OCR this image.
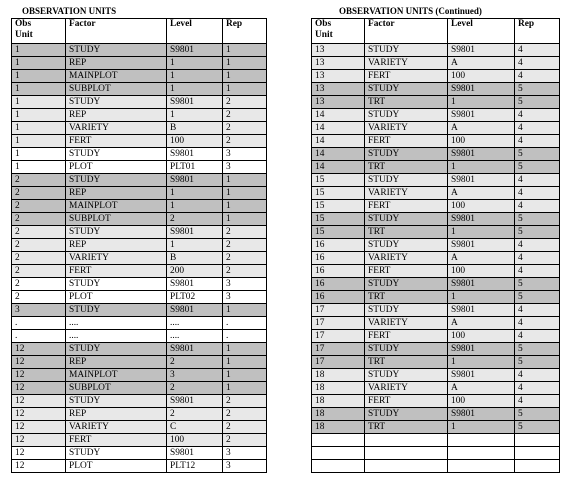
OBSERVATION UNITS	OBSERVATION UNITS (Continued)
Obs Unit	Factor	Level	Rep
1	STUDY	S9801	1
1	REP	1	1
1	MAINPLOT	1	1
1	SUBPLOT	1	1
1	STUDY	S9801	2
1	REP	1	2
1	VARIETY	B	2
1	FERT	100	2
1	STUDY	S9801	3
1	PLOT	PLT01	3
2	STUDY	S9801	1
2	REP	1	1
2	MAINPLOT	1	1
2	SUBPLOT	2	1
2	STUDY	S9801	2
2	REP	1	2
2	VARIETY	B	2
2	FERT	200	2
2	STUDY	S9801	3
2	PLOT	PLT02	3
3	STUDY	S9801	1
.	....	....	.
.	....	....	.
12	STUDY	S9801	1
12	REP	2	1
12	MAINPLOT	3	1
12	SUBPLOT	2	1
12	STUDY	S9801	2
12	REP	2	2
12	VARIETY	C	2
12	FERT	100	2
12	STUDY	S9801	3
12	PLOT	PLT12	3
Obs Unit	Factor	Level	Rep
13	STUDY	S9801	4
13	VARIETY	A	4
13	FERT	100	4
13	STUDY	S9801	5
13	TRT	1	5
14	STUDY	S9801	4
14	VARIETY	A	4
14	FERT	100	4
14	STUDY	S9801	5
14	TRT	1	5
15	STUDY	S9801	4
15	VARIETY	A	4
15	FERT	100	4
15	STUDY	S9801	5
15	TRT	1	5
16	STUDY	S9801	4
16	VARIETY	A	4
16	FERT	100	4
16	STUDY	S9801	5
16	TRT	1	5
17	STUDY	S9801	4
17	VARIETY	A	4
17	FERT	100	4
17	STUDY	S9801	5
17	TRT	1	5
18	STUDY	S9801	4
18	VARIETY	A	4
18	FERT	100	4
18	STUDY	S9801	5
18	TRT	1	5
